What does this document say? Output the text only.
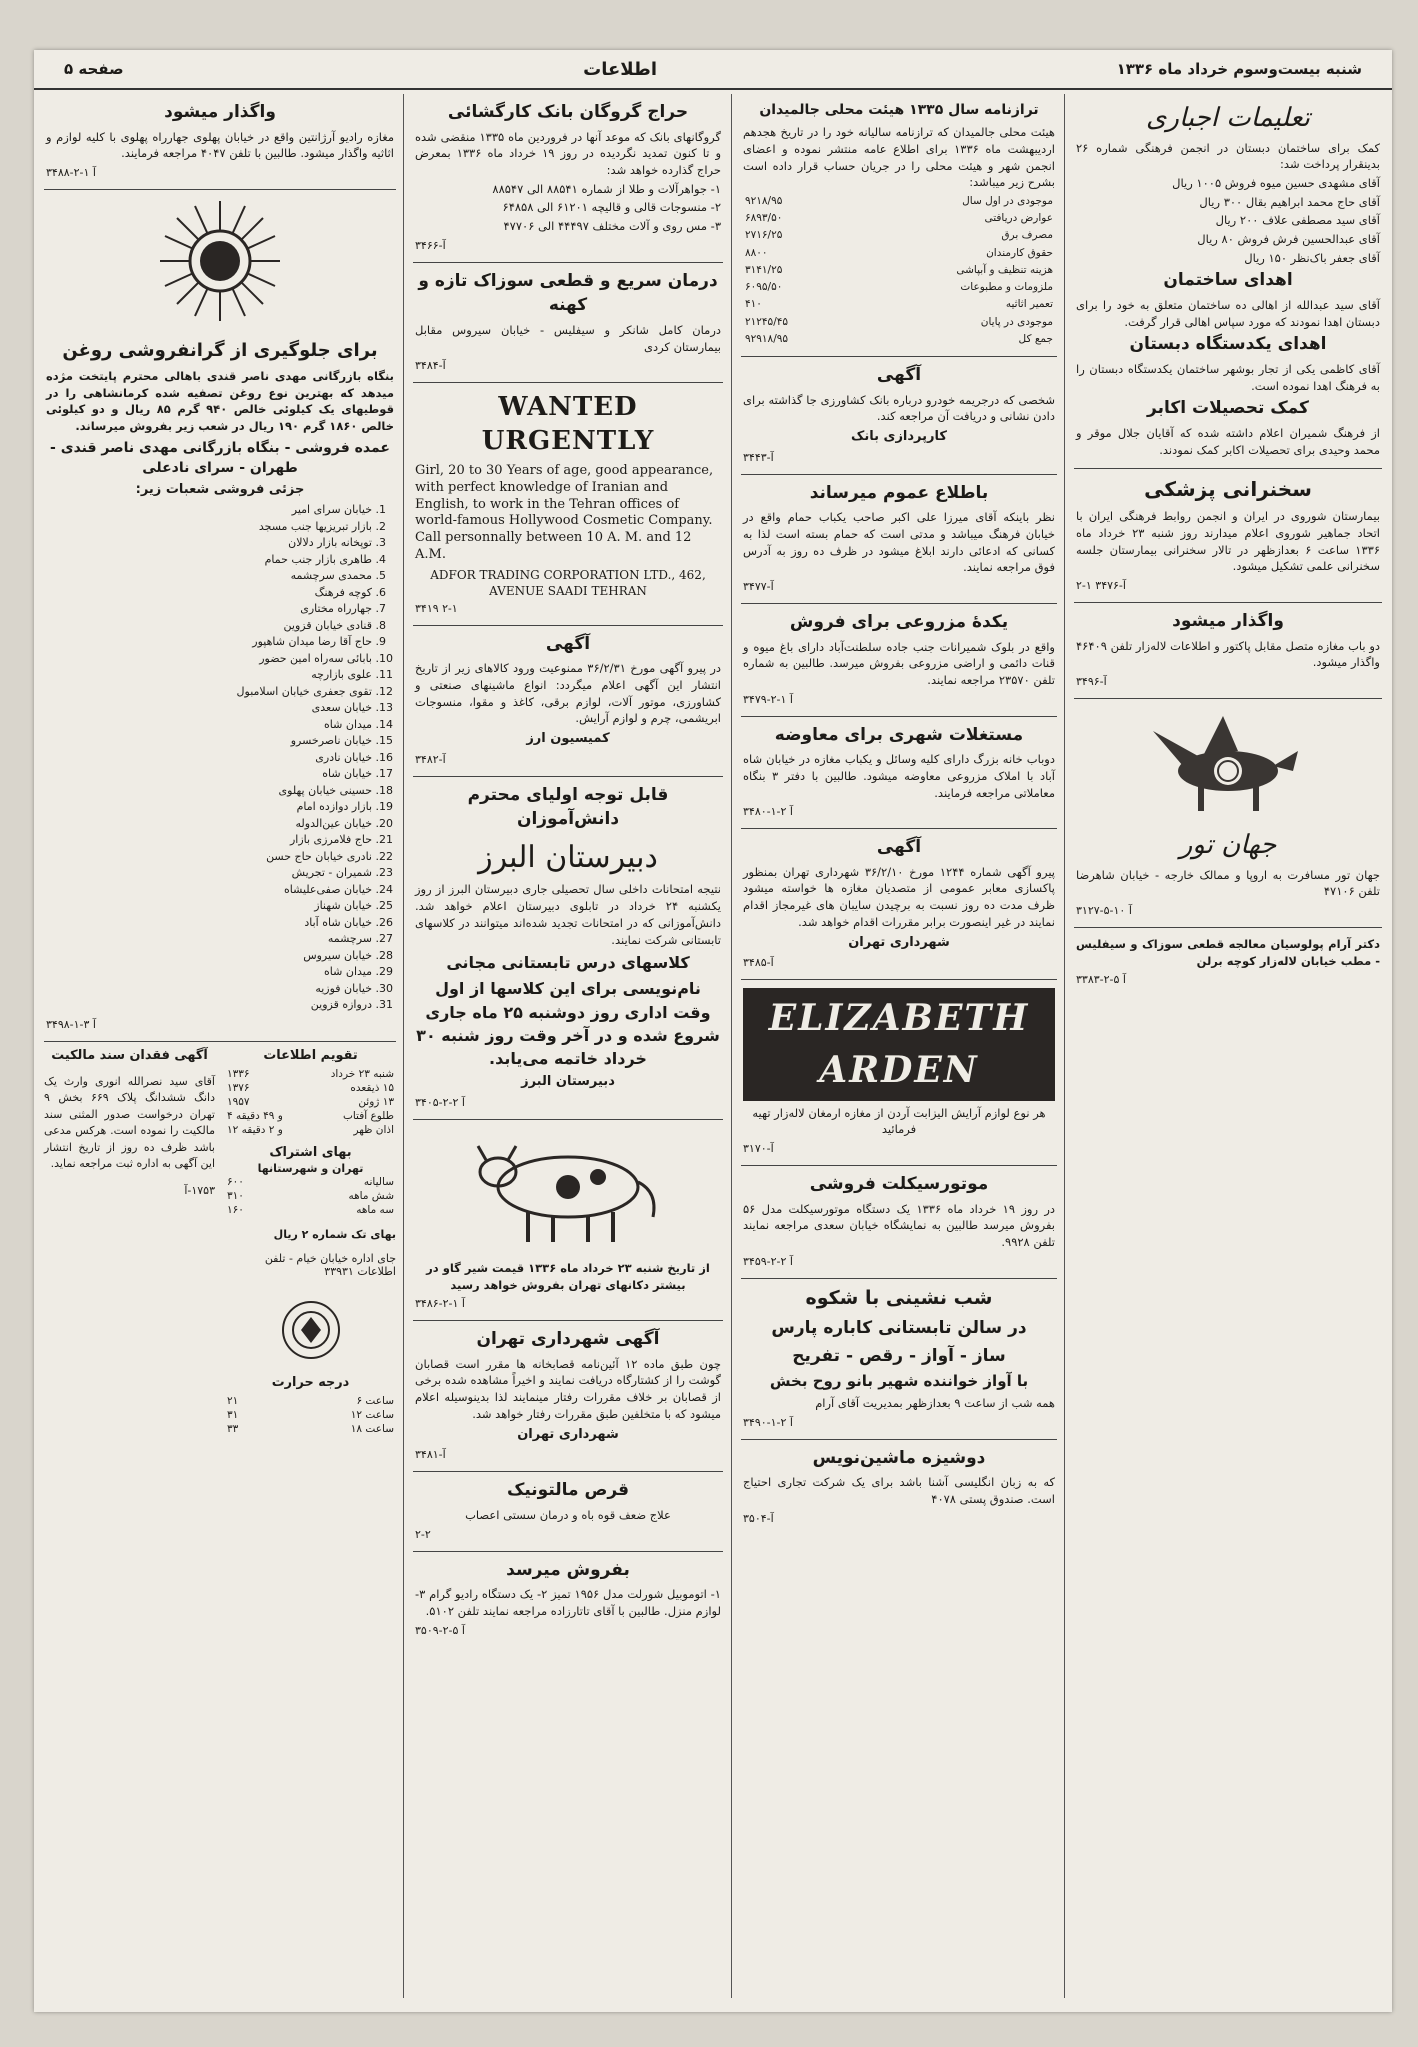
شنبه بیست‌وسوم خرداد ماه ۱۳۳۶
اطلاعات
صفحه ۵
تعلیمات اجباری

کمک برای ساختمان دبستان در انجمن فرهنگی شماره ۲۶ بدینقرار پرداخت شد:

آقای مشهدی حسین میوه فروش ۱۰۰۵ ریال

آقای حاج محمد ابراهیم بقال ۳۰۰ ریال

آقای سید مصطفی علاف ۲۰۰ ریال

آقای عبدالحسین فرش فروش ۸۰ ریال

آقای جعفر باک‌نظر ۱۵۰ ریال

اهدای ساختمان

آقای سید عبدالله از اهالی ده ساختمان متعلق به خود را برای دبستان اهدا نمودند که مورد سپاس اهالی قرار گرفت.

اهدای یکدستگاه دبستان

آقای کاظمی یکی از تجار بوشهر ساختمان یکدستگاه دبستان را به فرهنگ اهدا نموده است.

کمک تحصیلات اکابر

از فرهنگ شمیران اعلام داشته شده که آقایان جلال موقر و محمد وحیدی برای تحصیلات اکابر کمک نمودند.

سخنرانی پزشکی

بیمارستان شوروی در ایران و انجمن روابط فرهنگی ایران با اتحاد جماهیر شوروی اعلام میدارند روز شنبه ۲۳ خرداد ماه ۱۳۳۶ ساعت ۶ بعدازظهر در تالار سخنرانی بیمارستان جلسه سخنرانی علمی تشکیل میشود.

۲-۱ ۳۴۷۶-آ
واگذار میشود

دو باب مغازه متصل مقابل پاکتور و اطلاعات لاله‌زار تلفن ۴۶۴۰۹ واگذار میشود.

۳۴۹۶-آ
جهان تور

جهان تور مسافرت به اروپا و ممالک خارجه - خیابان شاهرضا تلفن ۴۷۱۰۶

۳۱۲۷-آ ۱۰-۵

دکتر آرام پولوسیان معالجه قطعی سوزاک و سیفلیس - مطب خیابان لاله‌زار کوچه برلن

۳۳۸۳-آ ۵-۲
ترازنامه سال ۱۳۳۵ هیئت محلی جالمیدان

هیئت محلی جالمیدان که ترازنامه سالیانه خود را در تاریخ هجدهم اردیبهشت ماه ۱۳۳۶ برای اطلاع عامه منتشر نموده و اعضای انجمن شهر و هیئت محلی را در جریان حساب قرار داده است بشرح زیر میباشد:

موجودی در اول سال	۹۲۱۸/۹۵
عوارض دریافتی	۶۸۹۳/۵۰
مصرف برق	۲۷۱۶/۲۵
حقوق کارمندان	۸۸۰۰
هزینه تنظیف و آبپاشی	۳۱۴۱/۲۵
ملزومات و مطبوعات	۶۰۹۵/۵۰
تعمیر اثاثیه	۴۱۰
موجودی در پایان	۲۱۲۴۵/۴۵
جمع کل	۹۲۹۱۸/۹۵
آگهی

شخصی که درجریمه خودرو درباره بانک کشاورزی جا گذاشته برای دادن نشانی و دریافت آن مراجعه کند.

کارپردازی بانک
۳۴۴۳-آ
باطلاع عموم میرساند

نظر باینکه آقای میرزا علی اکبر صاحب یکباب حمام واقع در خیابان فرهنگ میباشد و مدتی است که حمام بسته است لذا به کسانی که ادعائی دارند ابلاغ میشود در ظرف ده روز به آدرس فوق مراجعه نمایند.

۳۴۷۷-آ
یکدهٔ مزروعی برای فروش

واقع در بلوک شمیرانات جنب جاده سلطنت‌آباد دارای باغ میوه و قنات دائمی و اراضی مزروعی بفروش میرسد. طالبین به شماره تلفن ۲۳۵۷۰ مراجعه نمایند.

۳۴۷۹-آ ۱-۲
مستغلات شهری برای معاوضه

دوباب خانه بزرگ دارای کلیه وسائل و یکباب مغازه در خیابان شاه آباد با املاک مزروعی معاوضه میشود. طالبین با دفتر ۳ بنگاه معاملاتی مراجعه فرمایند.

۳۴۸۰-آ ۲-۱
آگهی

پیرو آگهی شماره ۱۲۴۴ مورخ ۳۶/۲/۱۰ شهرداری تهران بمنظور پاکسازی معابر عمومی از متصدیان مغازه ها خواسته میشود ظرف مدت ده روز نسبت به برچیدن سایبان های غیرمجاز اقدام نمایند در غیر اینصورت برابر مقررات اقدام خواهد شد.

شهرداری تهران
۳۴۸۵-آ
ELIZABETH ARDEN

هر نوع لوازم آرایش الیزابت آردن از مغازه ارمغان لاله‌زار تهیه فرمائید

۳۱۷۰-آ
موتورسیکلت فروشی

در روز ۱۹ خرداد ماه ۱۳۳۶ یک دستگاه موتورسیکلت مدل ۵۶ بفروش میرسد طالبین به نمایشگاه خیابان سعدی مراجعه نمایند تلفن ۹۹۲۸.

۳۴۵۹-آ ۲-۲
شب نشینی با شکوه
در سالن تابستانی کاباره پارس
ساز - آواز - رقص - تفریح
با آواز خواننده شهیر بانو روح بخش

همه شب از ساعت ۹ بعدازظهر بمدیریت آقای آرام

۳۴۹۰-آ ۲-۱
دوشیزه ماشین‌نویس

که به زبان انگلیسی آشنا باشد برای یک شرکت تجاری احتیاج است. صندوق پستی ۴۰۷۸

۳۵۰۴-آ
حراج گروگان بانک کارگشائی

گروگانهای بانک که موعد آنها در فروردین ماه ۱۳۳۵ منقضی شده و تا کنون تمدید نگردیده در روز ۱۹ خرداد ماه ۱۳۳۶ بمعرض حراج گذارده خواهد شد:

۱- جواهرآلات و طلا از شماره ۸۸۵۴۱ الی ۸۸۵۴۷

۲- منسوجات قالی و قالیچه ۶۱۲۰۱ الی ۶۴۸۵۸

۳- مس روی و آلات مختلف ۴۴۴۹۷ الی ۴۷۷۰۶

۳۴۶۶-آ
درمان سریع و قطعی سوزاک تازه و کهنه

درمان کامل شانکر و سیفلیس - خیابان سیروس مقابل بیمارستان کردی

۳۴۸۴-آ
WANTED URGENTLY

Girl, 20 to 30 Years of age, good appearance, with perfect knowledge of Iranian and English, to work in the Tehran offices of world-famous Hollywood Cosmetic Company. Call personnally between 10 A. M. and 12 A.M.

ADFOR TRADING CORPORATION LTD., 462, AVENUE SAADI TEHRAN
۳۴۱۹ ۲-۱
آگهی

در پیرو آگهی مورخ ۳۶/۲/۳۱ ممنوعیت ورود کالاهای زیر از تاریخ انتشار این آگهی اعلام میگردد: انواع ماشینهای صنعتی و کشاورزی، موتور آلات، لوازم برقی، کاغذ و مقوا، منسوجات ابریشمی، چرم و لوازم آرایش.

کمیسیون ارز
۳۴۸۲-آ
قابل توجه اولیای محترم دانش‌آموزان
دبیرستان البرز

نتیجه امتحانات داخلی سال تحصیلی جاری دبیرستان البرز از روز یکشنبه ۲۴ خرداد در تابلوی دبیرستان اعلام خواهد شد. دانش‌آموزانی که در امتحانات تجدید شده‌اند میتوانند در کلاسهای تابستانی شرکت نمایند.

کلاسهای درس تابستانی مجانی
نام‌نویسی برای این کلاسها از اول وقت اداری روز دوشنبه ۲۵ ماه جاری شروع شده و در آخر وقت روز شنبه ۳۰ خرداد خاتمه می‌یابد.
دبیرستان البرز
۳۴۰۵-آ ۲-۲

از تاریخ شنبه ۲۳ خرداد ماه ۱۳۳۶ قیمت شیر گاو در بیشتر دکانهای تهران بفروش خواهد رسید

۳۴۸۶-آ ۱-۲
آگهی شهرداری تهران

چون طبق ماده ۱۲ آئین‌نامه قصابخانه ها مقرر است قصابان گوشت را از کشتارگاه دریافت نمایند و اخیراً مشاهده شده برخی از قصابان بر خلاف مقررات رفتار مینمایند لذا بدینوسیله اعلام میشود که با متخلفین طبق مقررات رفتار خواهد شد.

شهرداری تهران
۳۴۸۱-آ
قرص مالتونیک

علاج ضعف قوه باه و درمان سستی اعصاب

۲-۲
بفروش میرسد

۱- اتوموبیل شورلت مدل ۱۹۵۶ تمیز ۲- یک دستگاه رادیو گرام ۳- لوازم منزل. طالبین با آقای تاتارزاده مراجعه نمایند تلفن ۵۱۰۲.

۳۵۰۹-آ ۵-۲
واگذار میشود

مغازه رادیو آرژانتین واقع در خیابان پهلوی جهارراه پهلوی با کلیه لوازم و اثاثیه واگذار میشود. طالبین با تلفن ۴۰۴۷ مراجعه فرمایند.

۳۴۸۸-آ ۱-۲
برای جلوگیری از گرانفروشی روغن

بنگاه بازرگانی مهدی ناصر قندی باهالی محترم پایتخت مژده میدهد که بهترین نوع روغن تصفیه شده کرمانشاهی را در قوطیهای یک کیلوئی خالص ۹۴۰ گرم ۸۵ ریال و دو کیلوئی خالص ۱۸۶۰ گرم ۱۹۰ ریال در شعب زیر بفروش میرساند.

عمده فروشی - بنگاه بازرگانی مهدی ناصر قندی - طهران - سرای نادعلی
جزئی فروشی شعبات زیر:
1. خیابان سرای امیر
2. بازار تبریزیها جنب مسجد
3. توپخانه بازار دلالان
4. طاهری بازار جنب حمام
5. محمدی سرچشمه
6. کوچه فرهنگ
7. جهارراه مختاری
8. قنادی خیابان قزوین
9. حاج آقا رضا میدان شاهپور
10. بابائی سه‌راه امین حضور
11. علوی بازارچه
12. تقوی جعفری خیابان اسلامبول
13. خیابان سعدی
14. میدان شاه
15. خیابان ناصرخسرو
16. خیابان نادری
17. خیابان شاه
18. حسینی خیابان پهلوی
19. بازار دوازده امام
20. خیابان عین‌الدوله
21. حاج فلامرزی بازار
22. نادری خیابان حاج حسن
23. شمیران - تجریش
24. خیابان صفی‌علیشاه
25. خیابان شهناز
26. خیابان شاه آباد
27. سرچشمه
28. خیابان سیروس
29. میدان شاه
30. خیابان فوزیه
31. دروازه قزوین
۳۴۹۸-آ ۳-۱
تقویم اطلاعات
شنبه ۲۳ خرداد	۱۳۳۶
۱۵ ذیقعده	۱۳۷۶
۱۳ ژوئن	۱۹۵۷
طلوع آفتاب	۴ و ۴۹ دقیقه
اذان ظهر	۱۲ و ۲ دقیقه
بهای اشتراک
تهران و شهرستانها
سالیانه	۶۰۰
شش ماهه	۳۱۰
سه ماهه	۱۶۰

بهای تک شماره ۲ ریال

جای اداره خیابان خیام - تلفن اطلاعات ۳۳۹۳۱

درجه حرارت
ساعت ۶	۲۱
ساعت ۱۲	۳۱
ساعت ۱۸	۳۳
آگهی فقدان سند مالکیت

آقای سید نصرالله انوری وارث یک دانگ ششدانگ پلاک ۶۶۹ بخش ۹ تهران درخواست صدور المثنی سند مالکیت را نموده است. هرکس مدعی باشد ظرف ده روز از تاریخ انتشار این آگهی به اداره ثبت مراجعه نماید.

۱۷۵۳-آ
